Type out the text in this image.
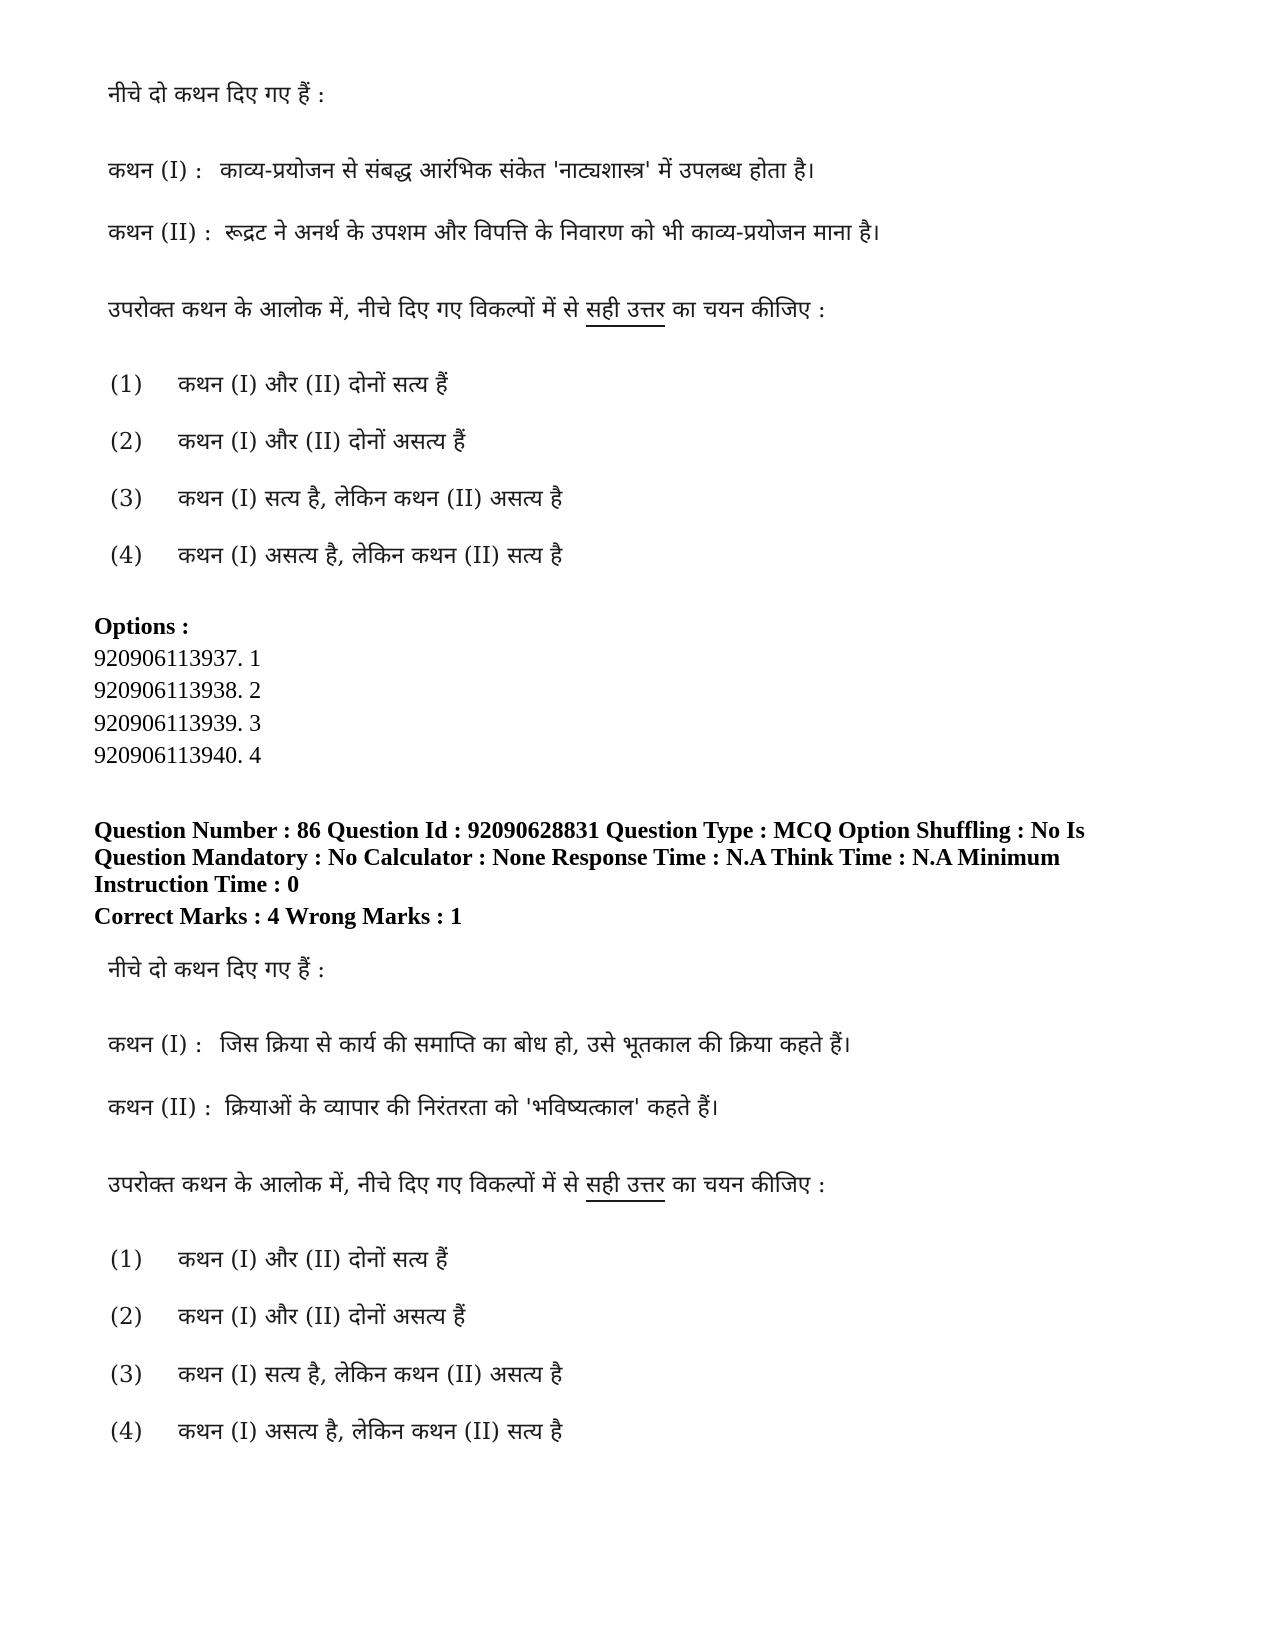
नीचे दो कथन दिए गए हैं :
कथन (I) : काव्य-प्रयोजन से संबद्ध आरंभिक संकेत 'नाट्यशास्त्र' में उपलब्ध होता है।
कथन (II) : रूद्रट ने अनर्थ के उपशम और विपत्ति के निवारण को भी काव्य-प्रयोजन माना है।
उपरोक्त कथन के आलोक में, नीचे दिए गए विकल्पों में से सही उत्तर का चयन कीजिए :
(1) कथन (I) और (II) दोनों सत्य हैं
(2) कथन (I) और (II) दोनों असत्य हैं
(3) कथन (I) सत्य है, लेकिन कथन (II) असत्य है
(4) कथन (I) असत्य है, लेकिन कथन (II) सत्य है
Options :
920906113937. 1
920906113938. 2
920906113939. 3
920906113940. 4
Question Number : 86 Question Id : 92090628831 Question Type : MCQ Option Shuffling : No Is
Question Mandatory : No Calculator : None Response Time : N.A Think Time : N.A Minimum
Instruction Time : 0
Correct Marks : 4 Wrong Marks : 1
नीचे दो कथन दिए गए हैं :
कथन (I) : जिस क्रिया से कार्य की समाप्ति का बोध हो, उसे भूतकाल की क्रिया कहते हैं।
कथन (II) : क्रियाओं के व्यापार की निरंतरता को 'भविष्यत्काल' कहते हैं।
उपरोक्त कथन के आलोक में, नीचे दिए गए विकल्पों में से सही उत्तर का चयन कीजिए :
(1) कथन (I) और (II) दोनों सत्य हैं
(2) कथन (I) और (II) दोनों असत्य हैं
(3) कथन (I) सत्य है, लेकिन कथन (II) असत्य है
(4) कथन (I) असत्य है, लेकिन कथन (II) सत्य है
